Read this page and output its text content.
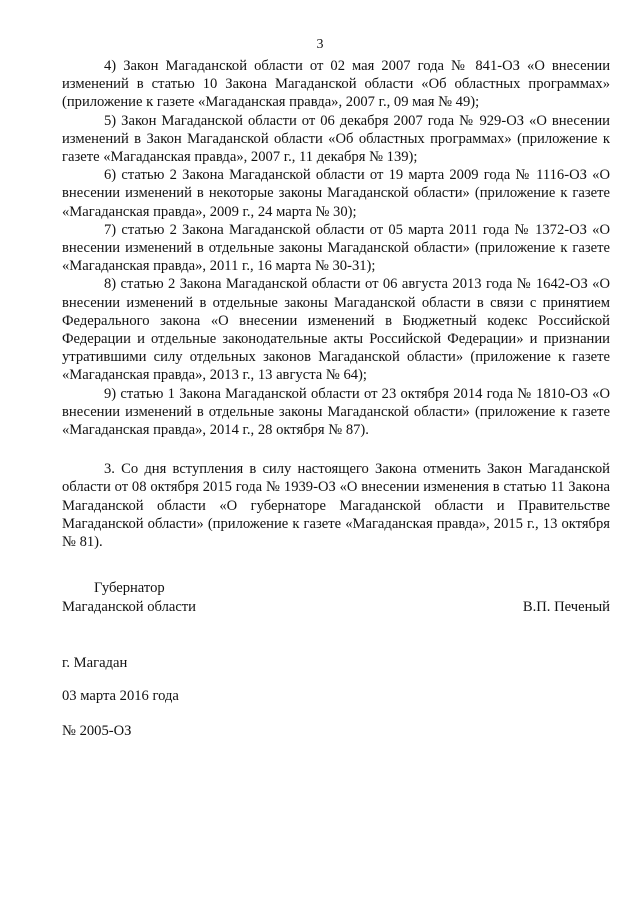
3

4) Закон Магаданской области от 02 мая 2007 года № 841-ОЗ «О внесении изменений в статью 10 Закона Магаданской области «Об областных программах» (приложение к газете «Магаданская правда», 2007 г., 09 мая № 49);

5) Закон Магаданской области от 06 декабря 2007 года № 929-ОЗ «О внесении изменений в Закон Магаданской области «Об областных программах» (приложение к газете «Магаданская правда», 2007 г., 11 декабря № 139);

6) статью 2 Закона Магаданской области от 19 марта 2009 года № 1116-ОЗ «О внесении изменений в некоторые законы Магаданской области» (приложение к газете «Магаданская правда», 2009 г., 24 марта № 30);

7) статью 2 Закона Магаданской области от 05 марта 2011 года № 1372-ОЗ «О внесении изменений в отдельные законы Магаданской области» (приложение к газете «Магаданская правда», 2011 г., 16 марта № 30-31);

8) статью 2 Закона Магаданской области от 06 августа 2013 года № 1642-ОЗ «О внесении изменений в отдельные законы Магаданской области в связи с принятием Федерального закона «О внесении изменений в Бюджетный кодекс Российской Федерации и отдельные законодательные акты Российской Федерации» и признании утратившими силу отдельных законов Магаданской области» (приложение к газете «Магаданская правда», 2013 г., 13 августа № 64);

9) статью 1 Закона Магаданской области от 23 октября 2014 года № 1810-ОЗ «О внесении изменений в отдельные законы Магаданской области» (приложение к газете «Магаданская правда», 2014 г., 28 октября № 87).

3. Со дня вступления в силу настоящего Закона отменить Закон Магаданской области от 08 октября 2015 года № 1939-ОЗ «О внесении изменения в статью 11 Закона Магаданской области «О губернаторе Магаданской области и Правительстве Магаданской области» (приложение к газете «Магаданская правда», 2015 г., 13 октября № 81).

Губернатор
Магаданской области	В.П. Печеный
г. Магадан
03 марта 2016 года
№ 2005-ОЗ
